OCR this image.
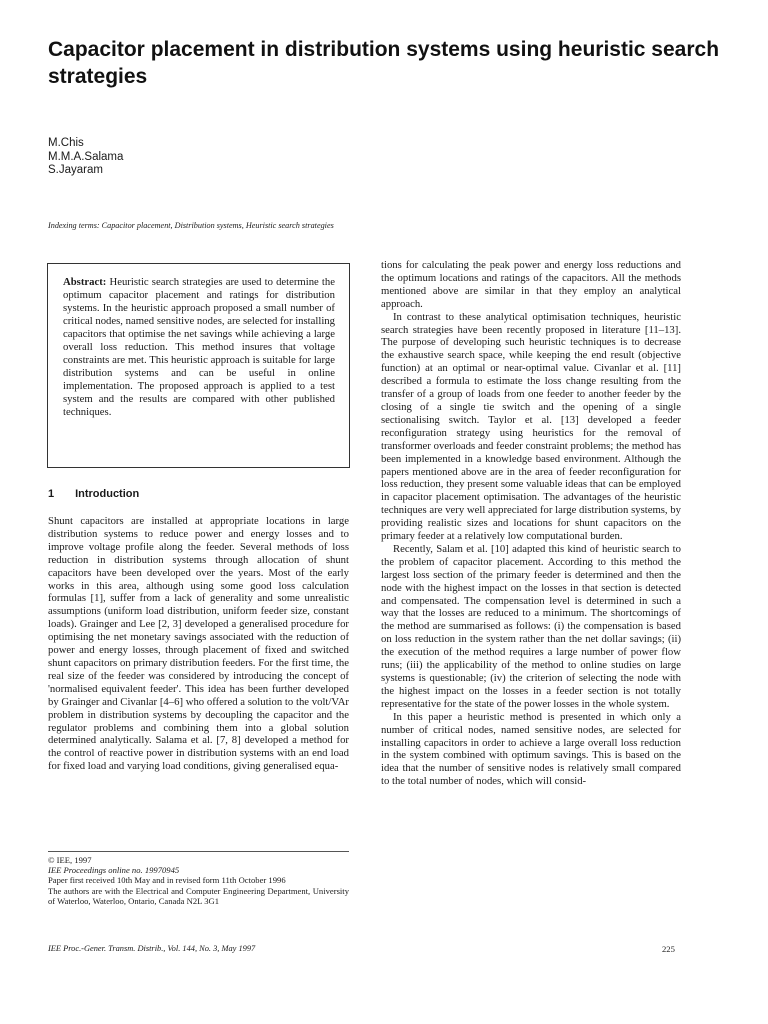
Capacitor placement in distribution systems using heuristic search strategies
M.Chis
M.M.A.Salama
S.Jayaram
Indexing terms: Capacitor placement, Distribution systems, Heuristic search strategies
Abstract: Heuristic search strategies are used to determine the optimum capacitor placement and ratings for distribution systems. In the heuristic approach proposed a small number of critical nodes, named sensitive nodes, are selected for installing capacitors that optimise the net savings while achieving a large overall loss reduction. This method insures that voltage constraints are met. This heuristic approach is suitable for large distribution systems and can be useful in online implementation. The proposed approach is applied to a test system and the results are compared with other published techniques.
1 Introduction

Shunt capacitors are installed at appropriate locations in large distribution systems to reduce power and energy losses and to improve voltage profile along the feeder. Several methods of loss reduction in distribution systems through allocation of shunt capacitors have been developed over the years. Most of the early works in this area, although using some good loss calculation formulas [1], suffer from a lack of generality and some unrealistic assumptions (uniform load distribution, uniform feeder size, constant loads). Grainger and Lee [2, 3] developed a generalised procedure for optimising the net monetary savings associated with the reduction of power and energy losses, through placement of fixed and switched shunt capacitors on primary distribution feeders. For the first time, the real size of the feeder was considered by introducing the concept of 'normalised equivalent feeder'. This idea has been further developed by Grainger and Civanlar [4–6] who offered a solution to the volt/VAr problem in distribution systems by decoupling the capacitor and the regulator problems and combining them into a global solution determined analytically. Salama et al. [7, 8] developed a method for the control of reactive power in distribution systems with an end load for fixed load and varying load conditions, giving generalised equa-

tions for calculating the peak power and energy loss reductions and the optimum locations and ratings of the capacitors. All the methods mentioned above are similar in that they employ an analytical approach.

In contrast to these analytical optimisation techniques, heuristic search strategies have been recently proposed in literature [11–13]. The purpose of developing such heuristic techniques is to decrease the exhaustive search space, while keeping the end result (objective function) at an optimal or near-optimal value. Civanlar et al. [11] described a formula to estimate the loss change resulting from the transfer of a group of loads from one feeder to another feeder by the closing of a single tie switch and the opening of a single sectionalising switch. Taylor et al. [13] developed a feeder reconfiguration strategy using heuristics for the removal of transformer overloads and feeder constraint problems; the method has been implemented in a knowledge based environment. Although the papers mentioned above are in the area of feeder reconfiguration for loss reduction, they present some valuable ideas that can be employed in capacitor placement optimisation. The advantages of the heuristic techniques are very well appreciated for large distribution systems, by providing realistic sizes and locations for shunt capacitors on the primary feeder at a relatively low computational burden.

Recently, Salam et al. [10] adapted this kind of heuristic search to the problem of capacitor placement. According to this method the largest loss section of the primary feeder is determined and then the node with the highest impact on the losses in that section is detected and compensated. The compensation level is determined in such a way that the losses are reduced to a minimum. The shortcomings of the method are summarised as follows: (i) the compensation is based on loss reduction in the system rather than the net dollar savings; (ii) the execution of the method requires a large number of power flow runs; (iii) the applicability of the method to online studies on large systems is questionable; (iv) the criterion of selecting the node with the highest impact on the losses in a feeder section is not totally representative for the state of the power losses in the whole system.

In this paper a heuristic method is presented in which only a number of critical nodes, named sensitive nodes, are selected for installing capacitors in order to achieve a large overall loss reduction in the system combined with optimum savings. This is based on the idea that the number of sensitive nodes is relatively small compared to the total number of nodes, which will consid-

© IEE, 1997
IEE Proceedings online no. 19970945
Paper first received 10th May and in revised form 11th October 1996
The authors are with the Electrical and Computer Engineering Department, University of Waterloo, Waterloo, Ontario, Canada N2L 3G1
IEE Proc.-Gener. Transm. Distrib., Vol. 144, No. 3, May 1997	225
